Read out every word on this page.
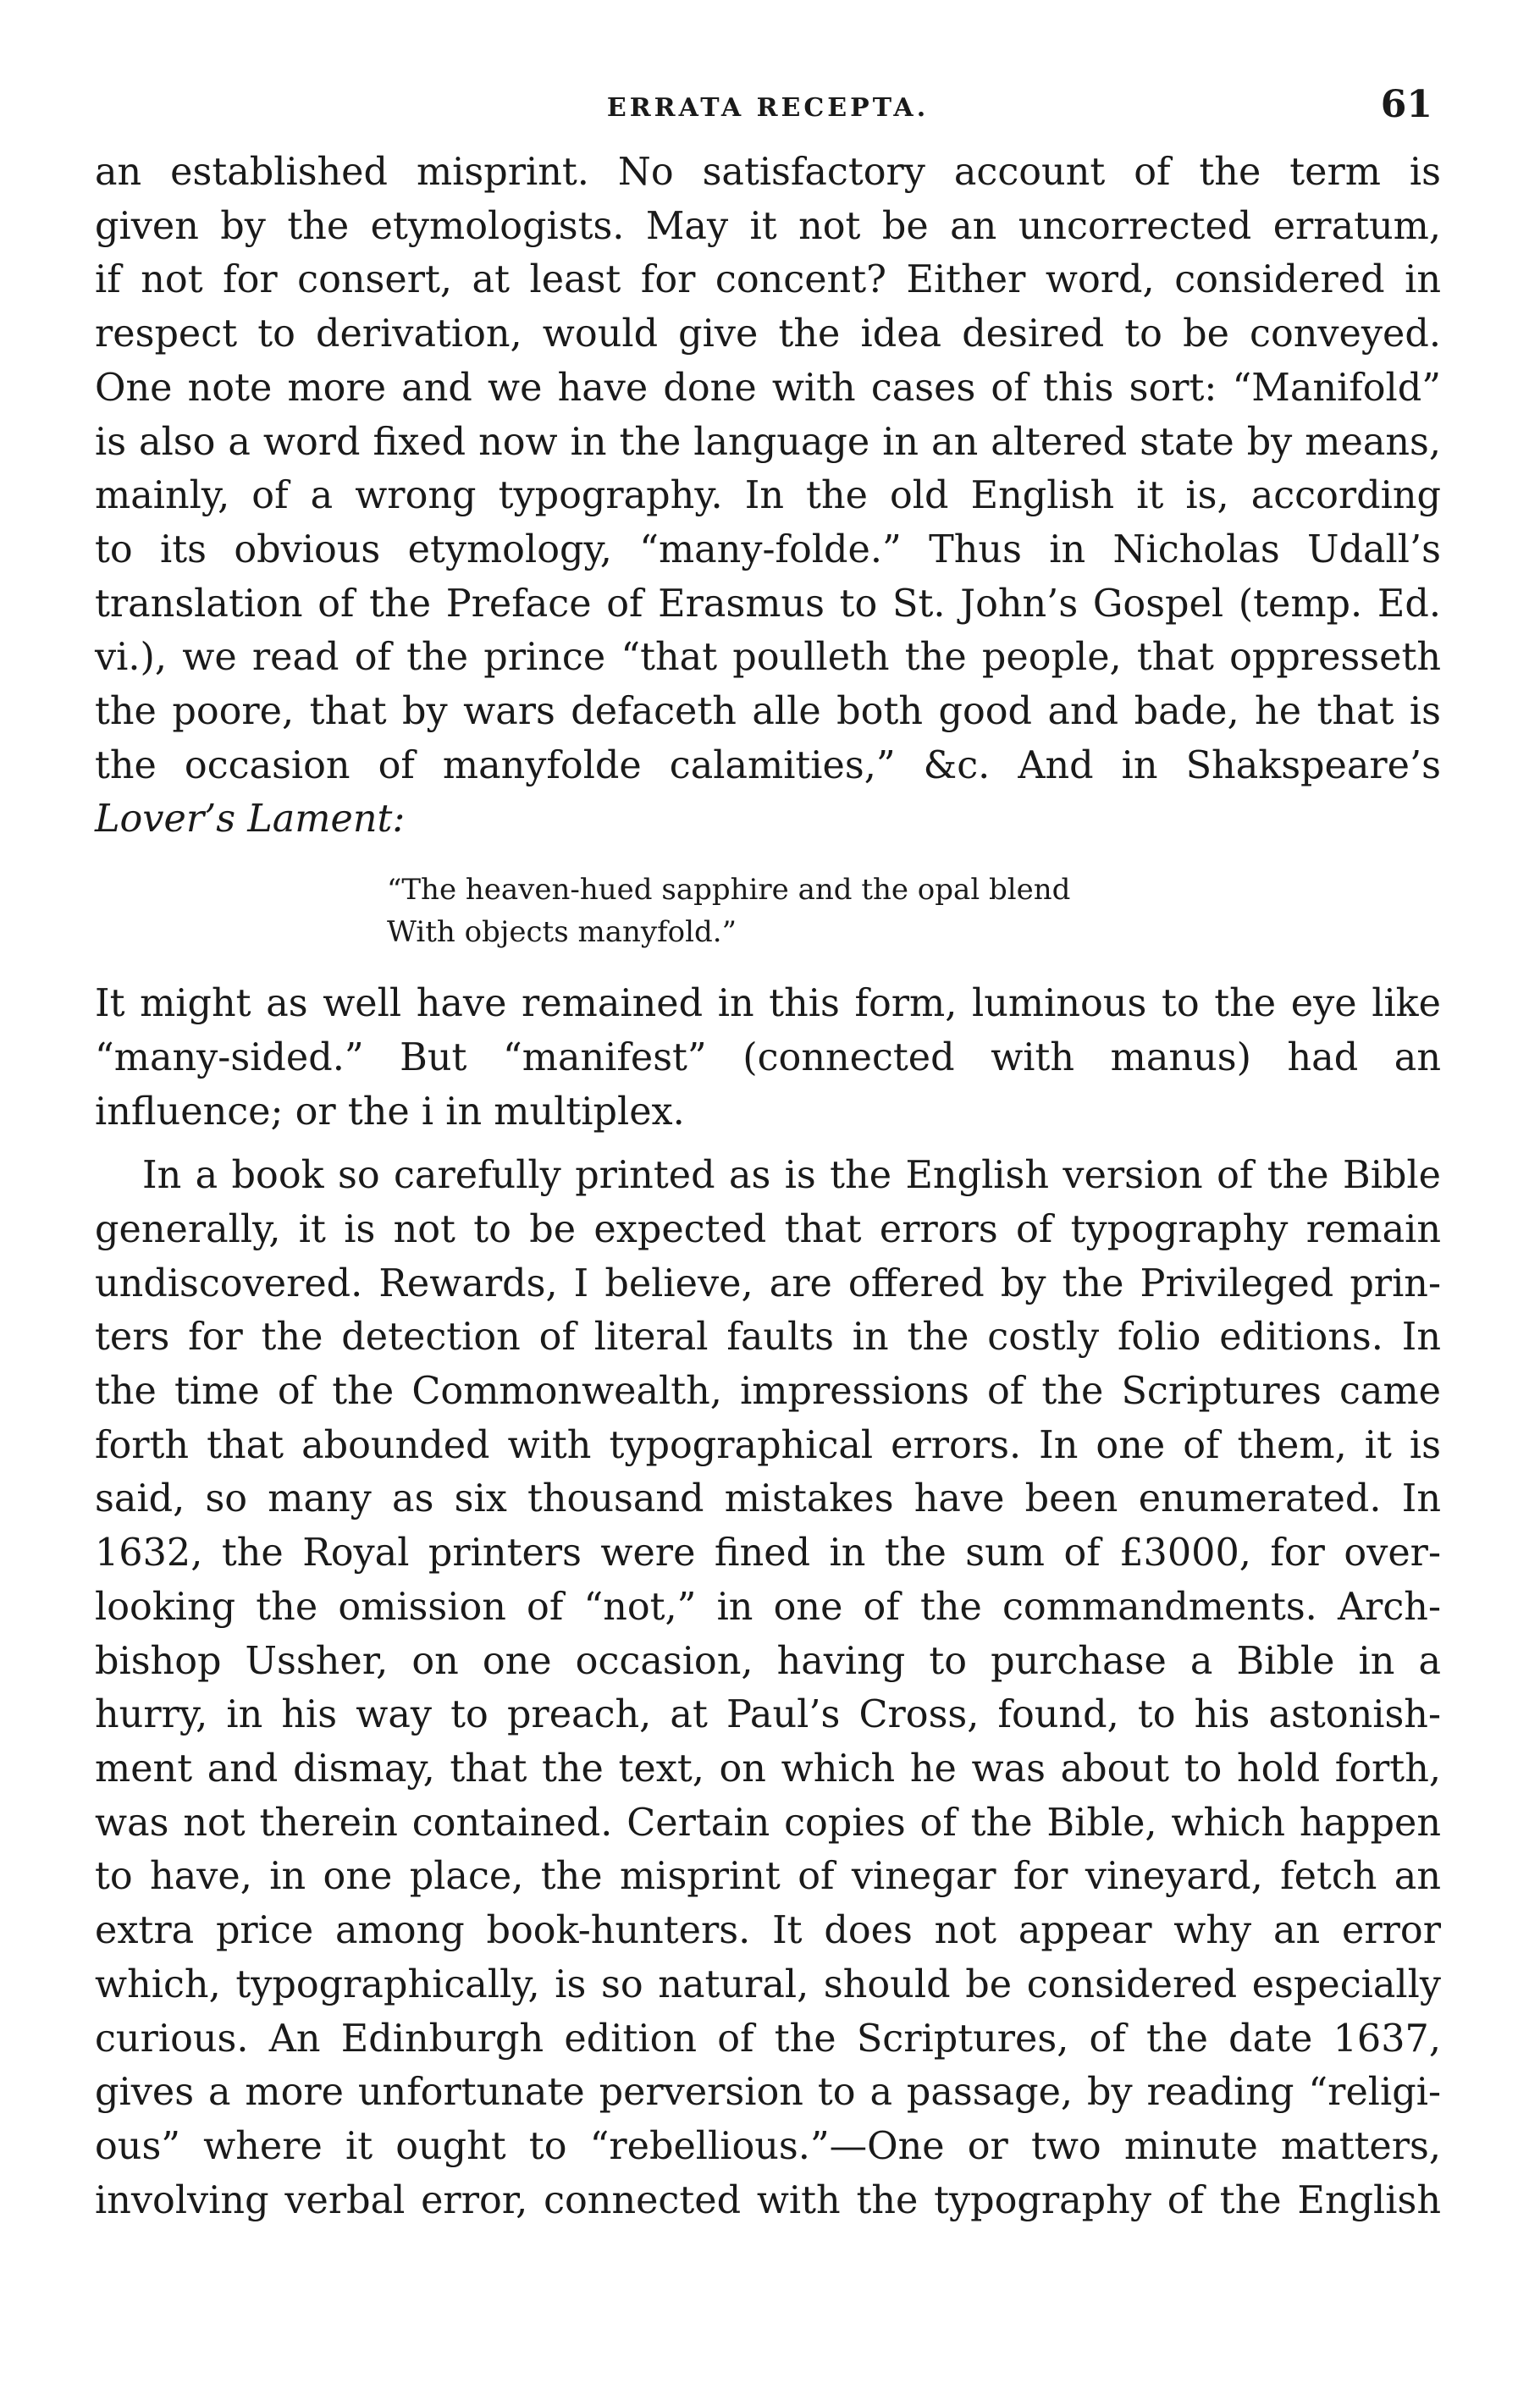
ERRATA RECEPTA.	61

an established misprint. No satisfactory account of the term is
given by the etymologists. May it not be an uncorrected erratum,
if not for consert, at least for concent? Either word, considered in
respect to derivation, would give the idea desired to be conveyed.
One note more and we have done with cases of this sort: “Manifold”
is also a word fixed now in the language in an altered state by means,
mainly, of a wrong typography. In the old English it is, according
to its obvious etymology, “many-folde.” Thus in Nicholas Udall’s
translation of the Preface of Erasmus to St. John’s Gospel (temp. Ed.
vi.), we read of the prince “that poulleth the people, that oppresseth
the poore, that by wars defaceth alle both good and bade, he that is
the occasion of manyfolde calamities,” &c. And in Shakspeare’s
Lover’s Lament:

“The heaven-hued sapphire and the opal blend
With objects manyfold.”

It might as well have remained in this form, luminous to the eye like
“many-sided.” But “manifest” (connected with manus) had an
influence; or the i in multiplex.

In a book so carefully printed as is the English version of the Bible
generally, it is not to be expected that errors of typography remain
undiscovered. Rewards, I believe, are offered by the Privileged prin-
ters for the detection of literal faults in the costly folio editions. In
the time of the Commonwealth, impressions of the Scriptures came
forth that abounded with typographical errors. In one of them, it is
said, so many as six thousand mistakes have been enumerated. In
1632, the Royal printers were fined in the sum of £3000, for over-
looking the omission of “not,” in one of the commandments. Arch-
bishop Ussher, on one occasion, having to purchase a Bible in a
hurry, in his way to preach, at Paul’s Cross, found, to his astonish-
ment and dismay, that the text, on which he was about to hold forth,
was not therein contained. Certain copies of the Bible, which happen
to have, in one place, the misprint of vinegar for vineyard, fetch an
extra price among book-hunters. It does not appear why an error
which, typographically, is so natural, should be considered especially
curious. An Edinburgh edition of the Scriptures, of the date 1637,
gives a more unfortunate perversion to a passage, by reading “religi-
ous” where it ought to “rebellious.”—One or two minute matters,
involving verbal error, connected with the typography of the English
